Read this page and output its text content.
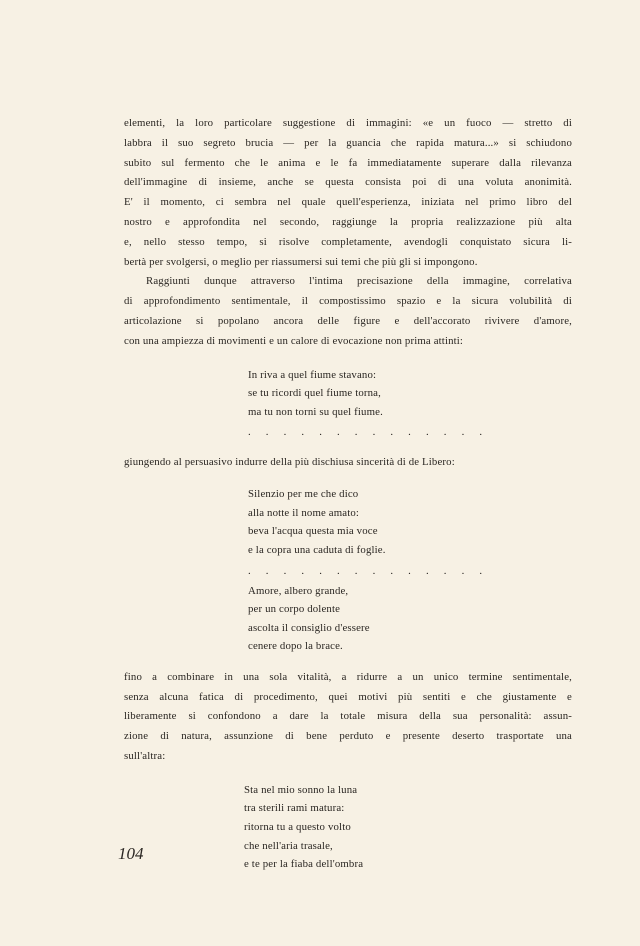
elementi, la loro particolare suggestione di immagini: «e un fuoco — stretto di
labbra il suo segreto brucia — per la guancia che rapida matura...» si schiudono
subito sul fermento che le anima e le fa immediatamente superare dalla rilevanza
dell'immagine di insieme, anche se questa consista poi di una voluta anonimità.
E' il momento, ci sembra nel quale quell'esperienza, iniziata nel primo libro del
nostro e approfondita nel secondo, raggiunge la propria realizzazione più alta
e, nello stesso tempo, si risolve completamente, avendogli conquistato sicura li-
bertà per svolgersi, o meglio per riassumersi sui temi che più gli si impongono.

Raggiunti dunque attraverso l'intima precisazione della immagine, correlativa
di approfondimento sentimentale, il compostissimo spazio e la sicura volubilità di
articolazione si popolano ancora delle figure e dell'accorato rivivere d'amore,
con una ampiezza di movimenti e un calore di evocazione non prima attinti:

In riva a quel fiume stavano:
se tu ricordi quel fiume torna,
ma tu non torni su quel fiume.
. . . . . . . . . . . . . .

giungendo al persuasivo indurre della più dischiusa sincerità di de Libero:

Silenzio per me che dico
alla notte il nome amato:
beva l'acqua questa mia voce
e la copra una caduta di foglie.
. . . . . . . . . . . . . .
Amore, albero grande,
per un corpo dolente
ascolta il consiglio d'essere
cenere dopo la brace.

fino a combinare in una sola vitalità, a ridurre a un unico termine sentimentale,
senza alcuna fatica di procedimento, quei motivi più sentiti e che giustamente e
liberamente si confondono a dare la totale misura della sua personalità: assun-
zione di natura, assunzione di bene perduto e presente deserto trasportate una
sull'altra:

Sta nel mio sonno la luna
tra sterili rami matura:
ritorna tu a questo volto
che nell'aria trasale,
e te per la fiaba dell'ombra
104
